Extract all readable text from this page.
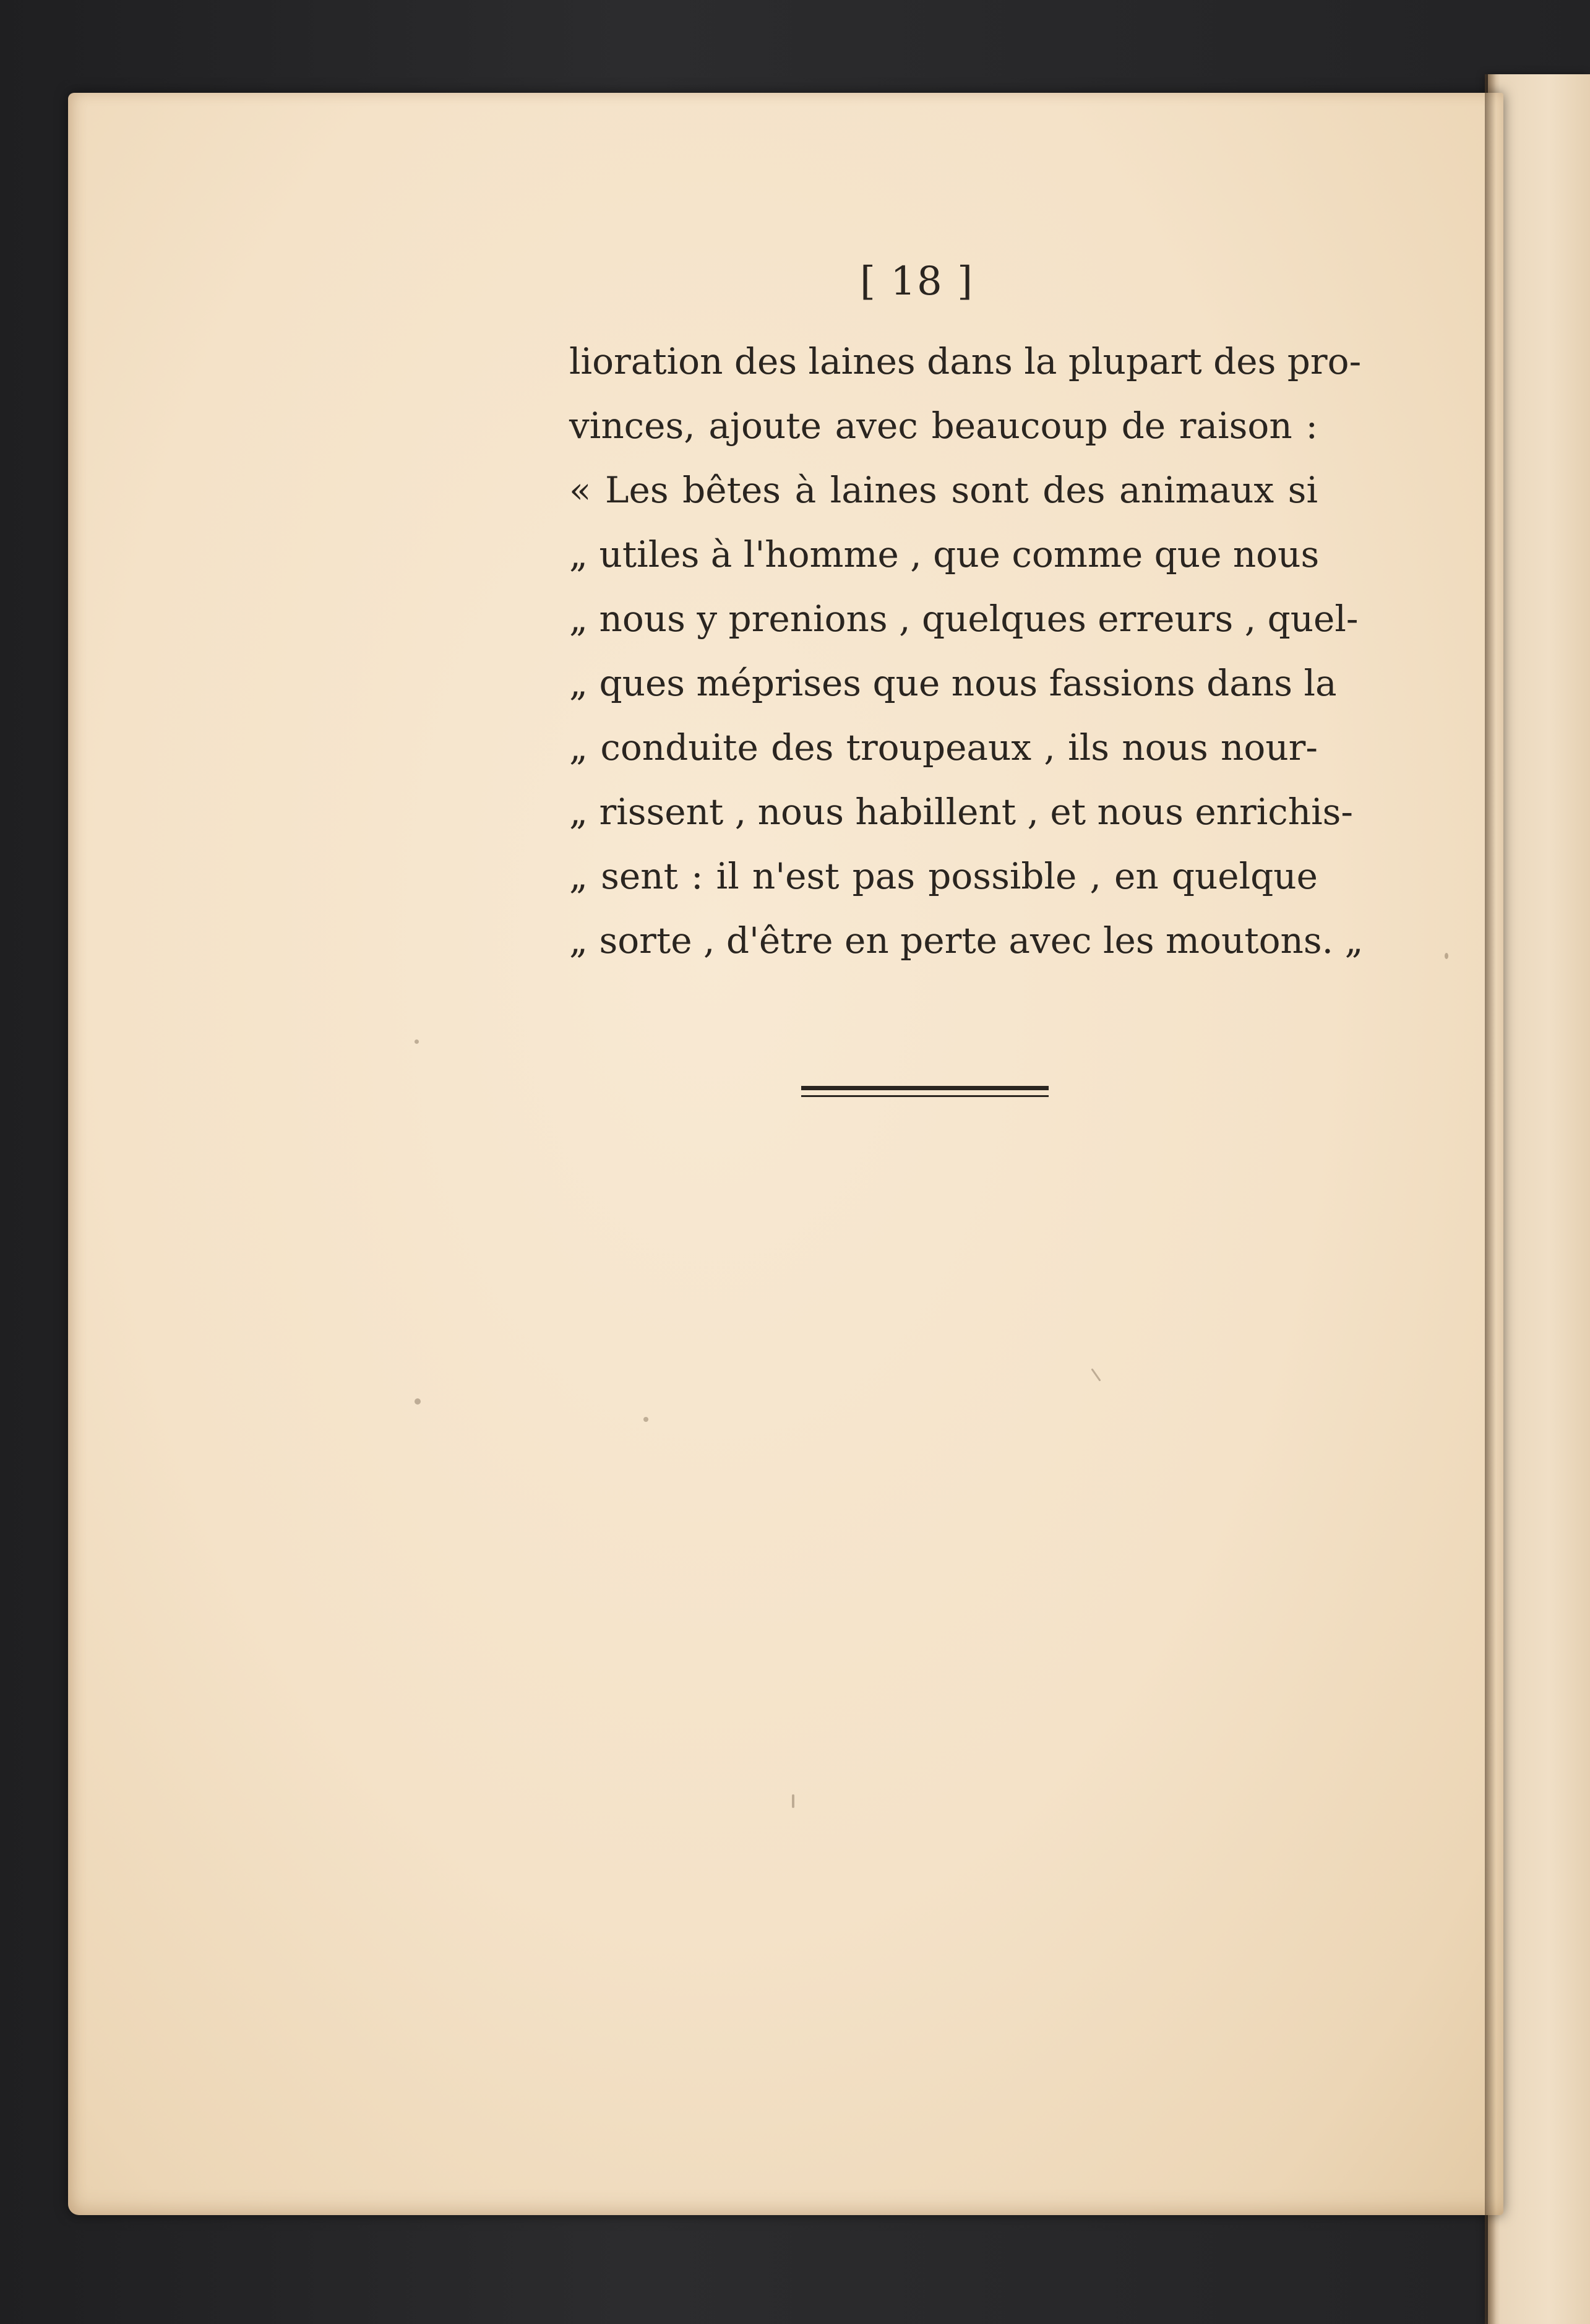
[ 18 ]
lioration des laines dans la plupart des pro-
vinces, ajoute avec beaucoup de raison :
« Les bêtes à laines sont des animaux si
„ utiles à l'homme , que comme que nous
„ nous y prenions , quelques erreurs , quel-
„ ques méprises que nous fassions dans la
„ conduite des troupeaux , ils nous nour-
„ rissent , nous habillent , et nous enrichis-
„ sent : il n'est pas possible , en quelque
„ sorte , d'être en perte avec les moutons. „
